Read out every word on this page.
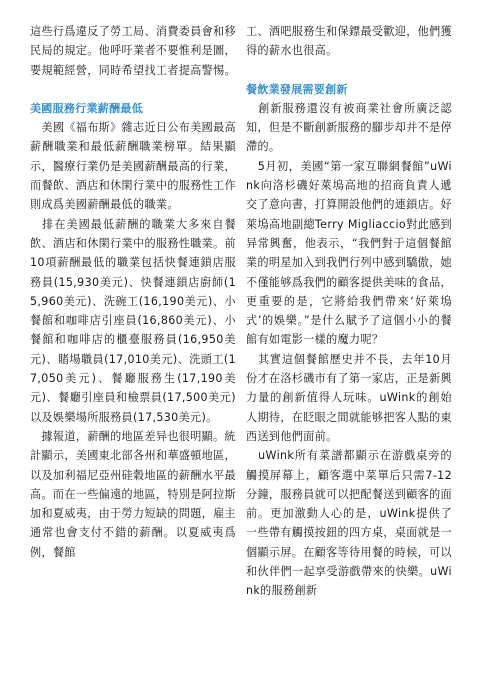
這些行爲違反了勞工局、消費委員會和移民局的規定。他呼吁業者不要惟利是圖，要規範經營，同時希望找工者提高警惕。

美國服務行業薪酬最低

　美國《福布斯》雜志近日公布美國最高薪酬職業和最低薪酬職業榜單。結果顯示，醫療行業仍是美國薪酬最高的行業，而餐飲、酒店和休閑行業中的服務性工作則成爲美國薪酬最低的職業。

　排在美國最低薪酬的職業大多來自餐飲、酒店和休閑行業中的服務性職業。前10項薪酬最低的職業包括快餐連鎖店服務員(15,930美元)、快餐連鎖店廚師(15,960美元)、洗碗工(16,190美元)、小餐館和咖啡店引座員(16,860美元)、小餐館和咖啡店的櫃臺服務員(16,950美元)、賭場職員(17,010美元)、洗頭工(17,050美元)、餐廳服務生(17,190美元)、餐廳引座員和檢票員(17,500美元)以及娛樂場所服務員(17,530美元)。

　據報道，薪酬的地區差异也很明顯。統計顯示，美國東北部各州和華盛頓地區，以及加利福尼亞州硅穀地區的薪酬水平最高。而在一些偏遠的地區，特別是阿拉斯加和夏威夷，由于勞力短缺的問題，雇主通常也會支付不錯的薪酬。以夏威夷爲例，餐館

工、酒吧服務生和保鏢最受歡迎，他們獲得的薪水也很高。

餐飲業發展需要創新

　創新服務還沒有被商業社會所廣泛認知，但是不斷創新服務的腳步却并不是停滯的。

　5月初，美國“第一家互聯網餐館”uWink向洛杉磯好萊塢高地的招商負責人遞交了意向書，打算開設他們的連鎖店。好萊塢高地副總Terry Migliaccio對此感到异常興奮，他表示，“我們對于這個餐館業的明星加入到我們行列中感到驕傲，她不僅能够爲我們的顧客提供美味的食品，更重要的是，它將給我們帶來‘好萊塢式’的娛樂。”是什么賦予了這個小小的餐館有如電影一樣的魔力呢？

　其實這個餐館歷史并不長，去年10月份才在洛杉磯市有了第一家店，正是新興力量的創新值得人玩味。uWink的創始人期待，在眨眼之間就能够把客人點的東西送到他們面前。

　uWink所有菜譜都顯示在游戲桌旁的觸摸屏幕上，顧客選中菜單后只需7-12分鐘，服務員就可以把配餐送到顧客的面前。更加激動人心的是，uWink提供了一些帶有觸摸按鈕的四方桌，桌面就是一個顯示屏。在顧客等待用餐的時候，可以和伙伴們一起享受游戲帶來的快樂。uWink的服務創新
